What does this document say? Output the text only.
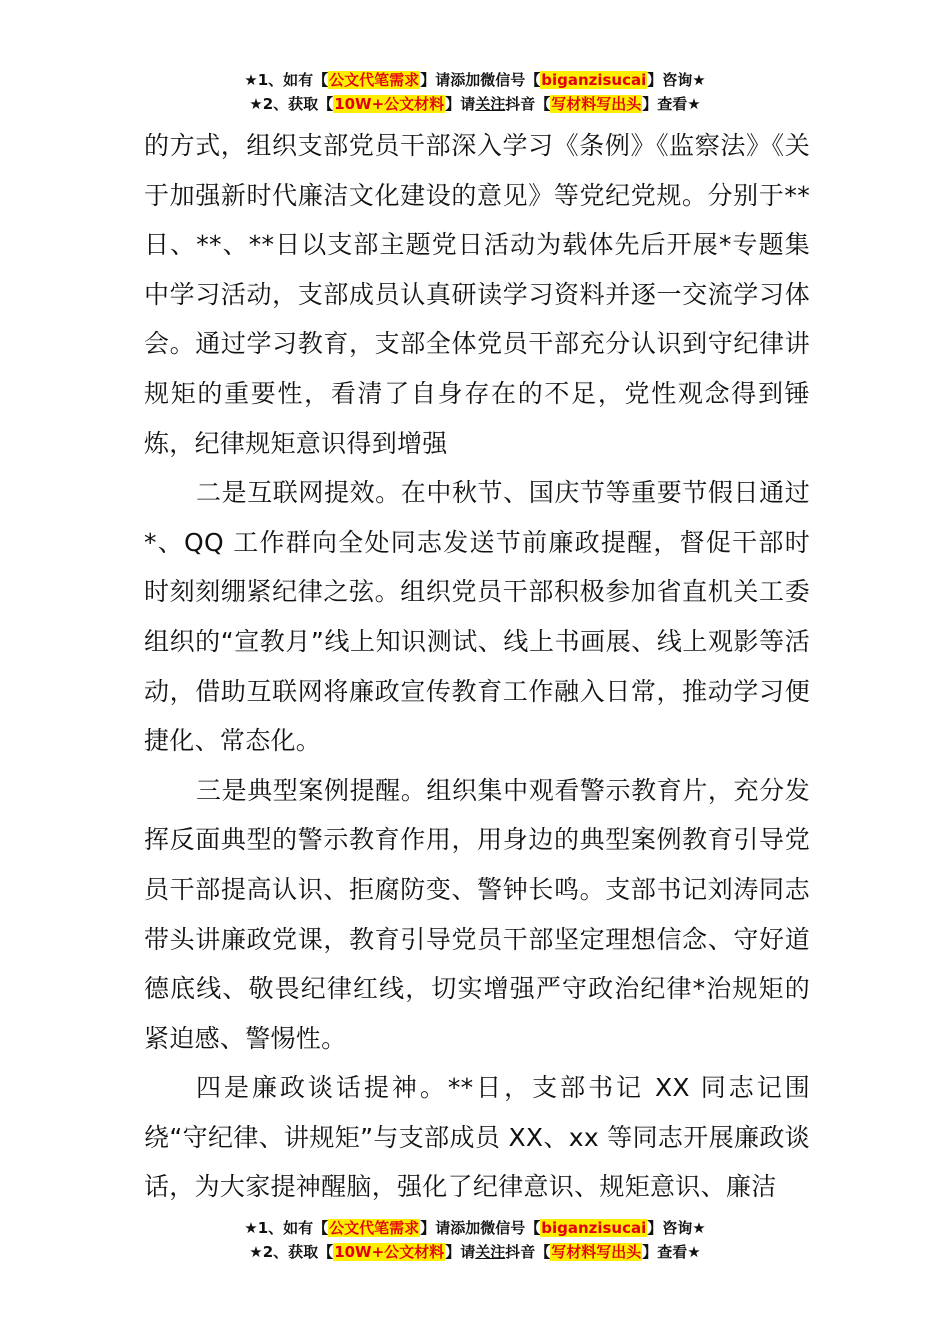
★1、如有【公文代笔需求】请添加微信号【biganzisucai】咨询★
★2、获取【10W+公文材料】请关注抖音【写材料写出头】查看★

的方式，组织支部党员干部深入学习《条例》《监察法》《关于加强新时代廉洁文化建设的意见》等党纪党规。分别于**日、**、**日以支部主题党日活动为载体先后开展*专题集中学习活动，支部成员认真研读学习资料并逐一交流学习体会。通过学习教育，支部全体党员干部充分认识到守纪律讲规矩的重要性，看清了自身存在的不足，党性观念得到锤炼，纪律规矩意识得到增强

二是互联网提效。在中秋节、国庆节等重要节假日通过*、QQ 工作群向全处同志发送节前廉政提醒，督促干部时时刻刻绷紧纪律之弦。组织党员干部积极参加省直机关工委组织的“宣教月”线上知识测试、线上书画展、线上观影等活动，借助互联网将廉政宣传教育工作融入日常，推动学习便捷化、常态化。

三是典型案例提醒。组织集中观看警示教育片，充分发挥反面典型的警示教育作用，用身边的典型案例教育引导党员干部提高认识、拒腐防变、警钟长鸣。支部书记刘涛同志带头讲廉政党课，教育引导党员干部坚定理想信念、守好道德底线、敬畏纪律红线，切实增强严守政治纪律*治规矩的紧迫感、警惕性。

四是廉政谈话提神。**日，支部书记 XX 同志记围绕“守纪律、讲规矩”与支部成员 XX、xx 等同志开展廉政谈话，为大家提神醒脑，强化了纪律意识、规矩意识、廉洁

★1、如有【公文代笔需求】请添加微信号【biganzisucai】咨询★
★2、获取【10W+公文材料】请关注抖音【写材料写出头】查看★
